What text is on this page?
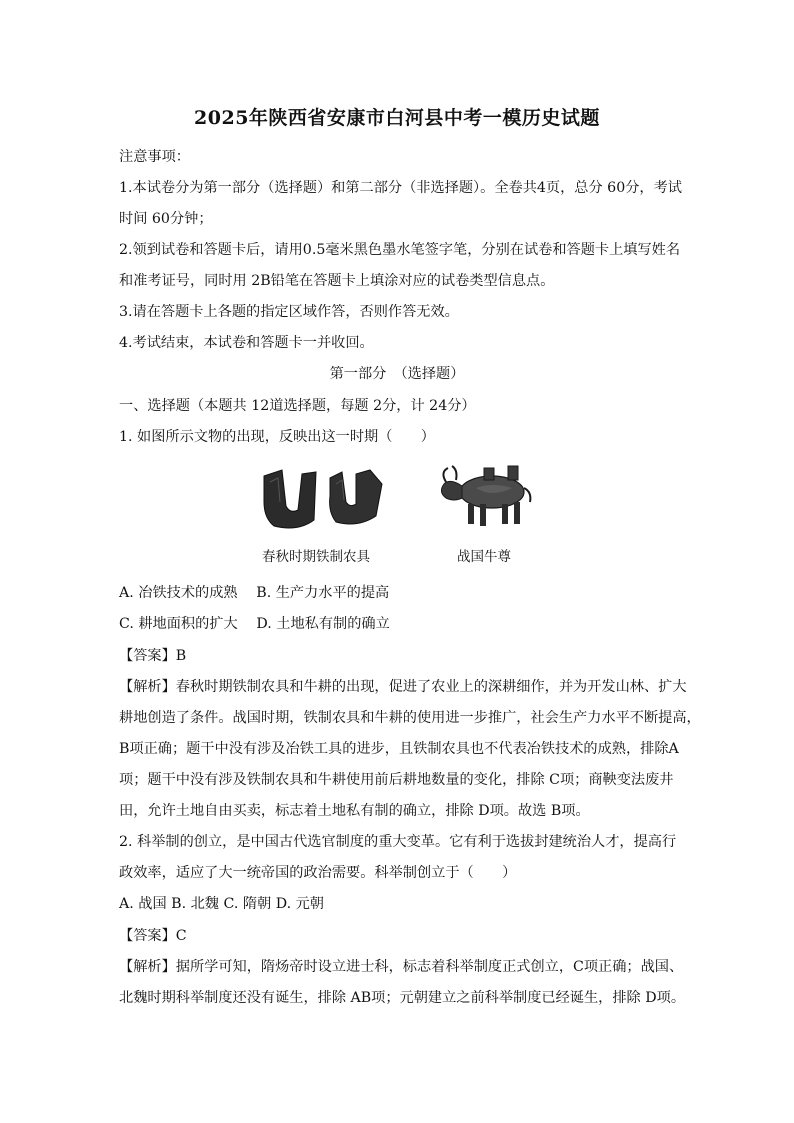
2025年陕西省安康市白河县中考一模历史试题
注意事项：
1.本试卷分为第一部分（选择题）和第二部分（非选择题）。全卷共4页，总分 60分，考试
时间 60分钟；
2.领到试卷和答题卡后，请用0.5毫米黑色墨水笔签字笔，分别在试卷和答题卡上填写姓名
和准考证号，同时用 2B铅笔在答题卡上填涂对应的试卷类型信息点。
3.请在答题卡上各题的指定区域作答，否则作答无效。
4.考试结束，本试卷和答题卡一并收回。
第一部分　（选择题）
一、选择题（本题共 12道选择题，每题 2分，计 24分）
1. 如图所示文物的出现，反映出这一时期（　　）
春秋时期铁制农具	战国牛尊
A. 冶铁技术的成熟　 B. 生产力水平的提高
C. 耕地面积的扩大　 D. 土地私有制的确立
【答案】B
【解析】春秋时期铁制农具和牛耕的出现，促进了农业上的深耕细作，并为开发山林、扩大
耕地创造了条件。战国时期，铁制农具和牛耕的使用进一步推广，社会生产力水平不断提高，
B项正确；题干中没有涉及冶铁工具的进步，且铁制农具也不代表冶铁技术的成熟，排除A
项；题干中没有涉及铁制农具和牛耕使用前后耕地数量的变化，排除 C项；商鞅变法废井
田，允许土地自由买卖，标志着土地私有制的确立，排除 D项。故选 B项。
2. 科举制的创立，是中国古代选官制度的重大变革。它有利于选拔封建统治人才，提高行
政效率，适应了大一统帝国的政治需要。科举制创立于（　　）
A. 战国 B. 北魏 C. 隋朝 D. 元朝
【答案】C
【解析】据所学可知，隋炀帝时设立进士科，标志着科举制度正式创立，C项正确；战国、
北魏时期科举制度还没有诞生，排除 AB项；元朝建立之前科举制度已经诞生，排除 D项。
